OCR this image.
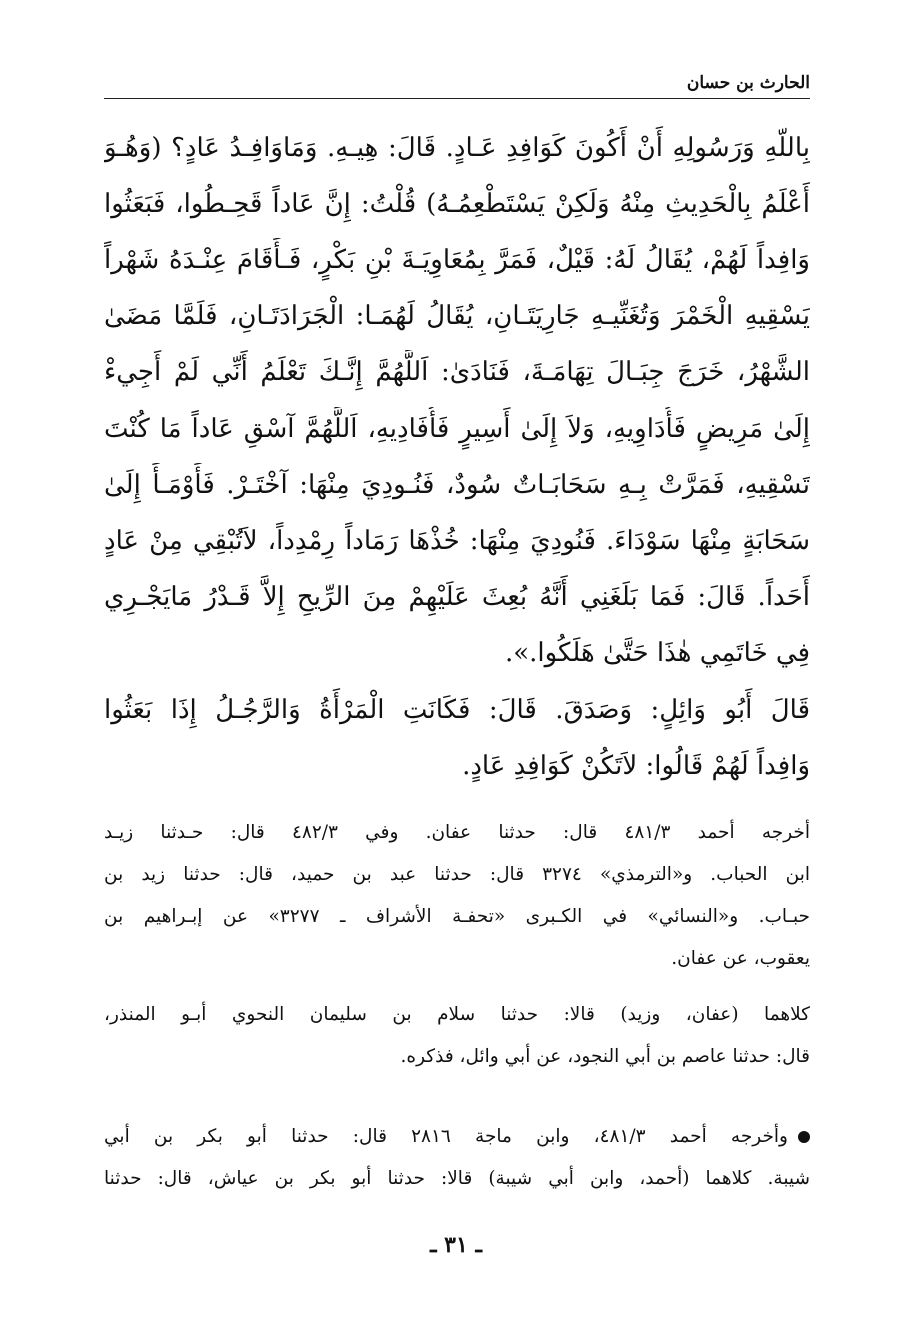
الحارث بن حسان
بِاللّهِ وَرَسُولِهِ أَنْ أَكُونَ كَوَافِدِ عَـادٍ. قَالَ: هِيـهِ. وَمَاوَافِـدُ عَادٍ؟ (وَهُـوَ
أَعْلَمُ بِالْحَدِيثِ مِنْهُ وَلَكِنْ يَسْتَطْعِمُـهُ) قُلْتُ: إِنَّ عَاداً قَحِـطُوا، فَبَعَثُوا
وَافِداً لَهُمْ، يُقَالُ لَهُ: قَيْلٌ، فَمَرَّ بِمُعَاوِيَـةَ بْنِ بَكْرٍ، فَـأَقَامَ عِنْـدَهُ شَهْراً
يَسْقِيهِ الْخَمْرَ وَتُغَنِّيـهِ جَارِيَتَـانِ، يُقَالُ لَهُمَـا: الْجَرَادَتَـانِ، فَلَمَّا مَضَىٰ
الشَّهْرُ، خَرَجَ جِبَـالَ تِهَامَـةَ، فَنَادَىٰ: اَللَّهُمَّ إِنَّـكَ تَعْلَمُ أَنِّي لَمْ أَجِيءْ
إِلَىٰ مَرِيضٍ فَأُدَاوِيهِ، وَلاَ إِلَىٰ أَسِيرٍ فَأُفَادِيهِ، اَللَّهُمَّ آسْقِ عَاداً مَا كُنْتَ
تَسْقِيهِ، فَمَرَّتْ بِـهِ سَحَابَـاتٌ سُودٌ، فَنُـودِيَ مِنْهَا: آخْتَـرْ. فَأَوْمَـأَ إِلَىٰ
سَحَابَةٍ مِنْهَا سَوْدَاءَ. فَنُودِيَ مِنْهَا: خُذْهَا رَمَاداً رِمْدِداً، لاَتُبْقِي مِنْ عَادٍ
أَحَداً. قَالَ: فَمَا بَلَغَنِي أَنَّهُ بُعِثَ عَلَيْهِمْ مِنَ الرِّيحِ إِلاَّ قَـدْرُ مَايَجْـرِي
فِي خَاتَمِي هٰذَا حَتَّىٰ هَلَكُوا.».
قَالَ أَبُو وَائِلٍ: وَصَدَقَ. قَالَ: فَكَانَتِ الْمَرْأَةُ وَالرَّجُـلُ إِذَا بَعَثُوا
وَافِداً لَهُمْ قَالُوا: لاَتَكُنْ كَوَافِدِ عَادٍ.
أخرجه أحمد ٤٨١/٣ قال: حدثنا عفان. وفي ٤٨٢/٣ قال: حـدثنا زيـد
ابن الحباب. و«الترمذي» ٣٢٧٤ قال: حدثنا عبد بن حميد، قال: حدثنا زيد بن
حبـاب. و«النسائي» في الكـبرى «تحفـة الأشراف ـ ٣٢٧٧» عن إبـراهيم بن
يعقوب، عن عفان.
كلاهما (عفان، وزيد) قالا: حدثنا سلام بن سليمان النحوي أبـو المنذر،
قال: حدثنا عاصم بن أبي النجود، عن أبي وائل، فذكره.
وأخرجه أحمد ٤٨١/٣، وابن ماجة ٢٨١٦ قال: حدثنا أبو بكر بن أبي
شيبة. كلاهما (أحمد، وابن أبي شيبة) قالا: حدثنا أبو بكر بن عياش، قال: حدثنا
ـ ٣١ ـ
